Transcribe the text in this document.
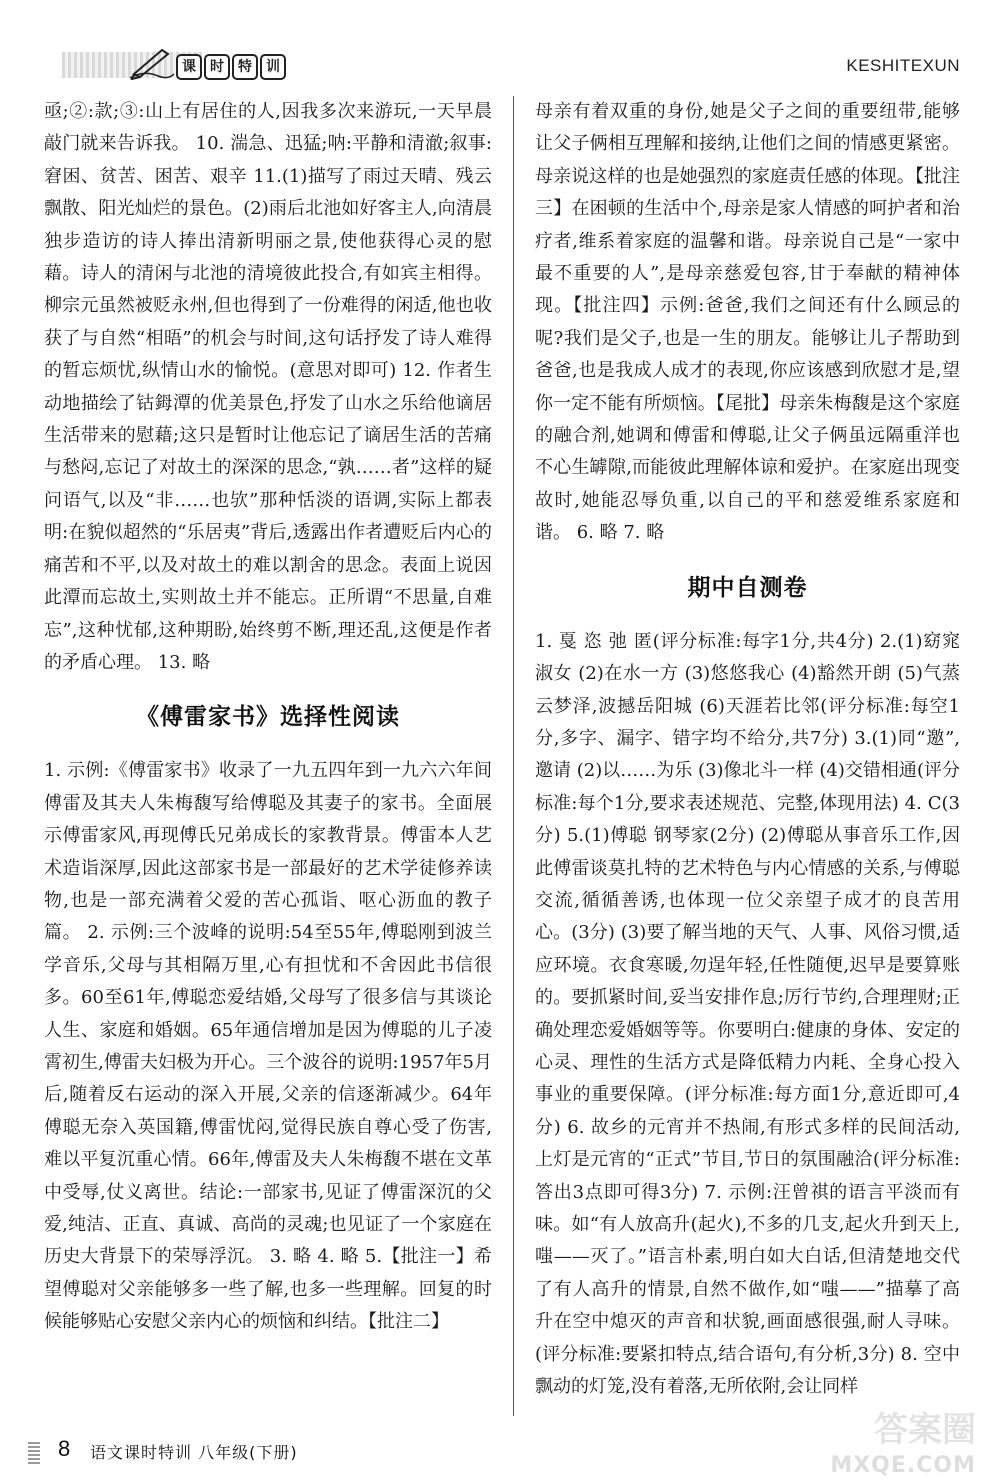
课	时	特	训	KESHITEXUN

亟;②:款;③:山上有居住的人,因我多次来游玩,一天早晨敲门就来告诉我。 10. 湍急、迅猛;呐:平静和清澈;叙事:窘困、贫苦、困苦、艰辛 11.(1)描写了雨过天晴、残云飘散、阳光灿烂的景色。(2)雨后北池如好客主人,向清晨独步造访的诗人捧出清新明丽之景,使他获得心灵的慰藉。诗人的清闲与北池的清境彼此投合,有如宾主相得。柳宗元虽然被贬永州,但也得到了一份难得的闲适,他也收获了与自然“相晤”的机会与时间,这句话抒发了诗人难得的暂忘烦忧,纵情山水的愉悦。(意思对即可) 12. 作者生动地描绘了钴鉧潭的优美景色,抒发了山水之乐给他谪居生活带来的慰藉;这只是暂时让他忘记了谪居生活的苦痛与愁闷,忘记了对故土的深深的思念,“孰……者”这样的疑问语气,以及“非……也欤”那种恬淡的语调,实际上都表明:在貌似超然的“乐居夷”背后,透露出作者遭贬后内心的痛苦和不平,以及对故土的难以割舍的思念。表面上说因此潭而忘故土,实则故土并不能忘。正所谓“不思量,自难忘”,这种忧郁,这种期盼,始终剪不断,理还乱,这便是作者的矛盾心理。 13. 略

《傅雷家书》选择性阅读

1. 示例:《傅雷家书》收录了一九五四年到一九六六年间傅雷及其夫人朱梅馥写给傅聪及其妻子的家书。全面展示傅雷家风,再现傅氏兄弟成长的家教背景。傅雷本人艺术造诣深厚,因此这部家书是一部最好的艺术学徒修养读物,也是一部充满着父爱的苦心孤诣、呕心沥血的教子篇。 2. 示例:三个波峰的说明:54至55年,傅聪刚到波兰学音乐,父母与其相隔万里,心有担忧和不舍因此书信很多。60至61年,傅聪恋爱结婚,父母写了很多信与其谈论人生、家庭和婚姻。65年通信增加是因为傅聪的儿子凌霄初生,傅雷夫妇极为开心。三个波谷的说明:1957年5月后,随着反右运动的深入开展,父亲的信逐渐减少。64年傅聪无奈入英国籍,傅雷忧闷,觉得民族自尊心受了伤害,难以平复沉重心情。66年,傅雷及夫人朱梅馥不堪在文革中受辱,仗义离世。结论:一部家书,见证了傅雷深沉的父爱,纯洁、正直、真诚、高尚的灵魂;也见证了一个家庭在历史大背景下的荣辱浮沉。 3. 略 4. 略 5.【批注一】希望傅聪对父亲能够多一些了解,也多一些理解。回复的时候能够贴心安慰父亲内心的烦恼和纠结。【批注二】

母亲有着双重的身份,她是父子之间的重要纽带,能够让父子俩相互理解和接纳,让他们之间的情感更紧密。母亲说这样的也是她强烈的家庭责任感的体现。【批注三】在困顿的生活中个,母亲是家人情感的呵护者和治疗者,维系着家庭的温馨和谐。母亲说自己是“一家中最不重要的人”,是母亲慈爱包容,甘于奉献的精神体现。【批注四】示例:爸爸,我们之间还有什么顾忌的呢?我们是父子,也是一生的朋友。能够让儿子帮助到爸爸,也是我成人成才的表现,你应该感到欣慰才是,望你一定不能有所烦恼。【尾批】母亲朱梅馥是这个家庭的融合剂,她调和傅雷和傅聪,让父子俩虽远隔重洋也不心生罅隙,而能彼此理解体谅和爱护。在家庭出现变故时,她能忍辱负重,以自己的平和慈爱维系家庭和谐。 6. 略 7. 略

期中自测卷

1. 戛 恣 弛 匿(评分标准:每字1分,共4分) 2.(1)窈窕淑女 (2)在水一方 (3)悠悠我心 (4)豁然开朗 (5)气蒸云梦泽,波撼岳阳城 (6)天涯若比邻(评分标准:每空1分,多字、漏字、错字均不给分,共7分) 3.(1)同“邀”,邀请 (2)以……为乐 (3)像北斗一样 (4)交错相通(评分标准:每个1分,要求表述规范、完整,体现用法) 4. C(3分) 5.(1)傅聪 钢琴家(2分) (2)傅聪从事音乐工作,因此傅雷谈莫扎特的艺术特色与内心情感的关系,与傅聪交流,循循善诱,也体现一位父亲望子成才的良苦用心。(3分) (3)要了解当地的天气、人事、风俗习惯,适应环境。衣食寒暖,勿逞年轻,任性随便,迟早是要算账的。要抓紧时间,妥当安排作息;厉行节约,合理理财;正确处理恋爱婚姻等等。你要明白:健康的身体、安定的心灵、理性的生活方式是降低精力内耗、全身心投入事业的重要保障。(评分标准:每方面1分,意近即可,4分) 6. 故乡的元宵并不热闹,有形式多样的民间活动,上灯是元宵的“正式”节目,节日的氛围融洽(评分标准:答出3点即可得3分) 7. 示例:汪曾祺的语言平淡而有味。如“有人放高升(起火),不多的几支,起火升到天上,嗤——灭了。”语言朴素,明白如大白话,但清楚地交代了有人高升的情景,自然不做作,如“嗤——”描摹了高升在空中熄灭的声音和状貌,画面感很强,耐人寻味。(评分标准:要紧扣特点,结合语句,有分析,3分) 8. 空中飘动的灯笼,没有着落,无所依附,会让同样

8 语文课时特训 八年级(下册)
答案圈
MXQE.COM
